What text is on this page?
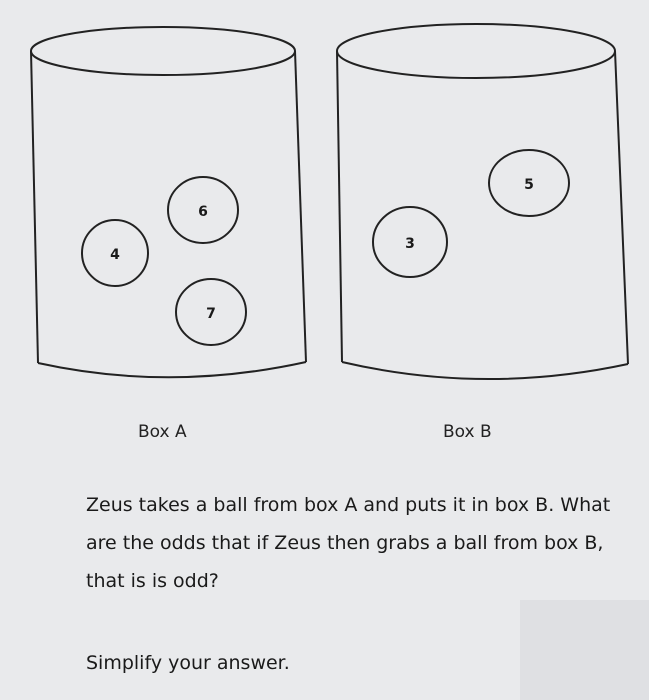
4
6
7
5
3

Box A	Box B

Zeus takes a ball from box A and puts it in box B. What are the odds that if Zeus then grabs a ball from box B, that is is odd?

Simplify your answer.
